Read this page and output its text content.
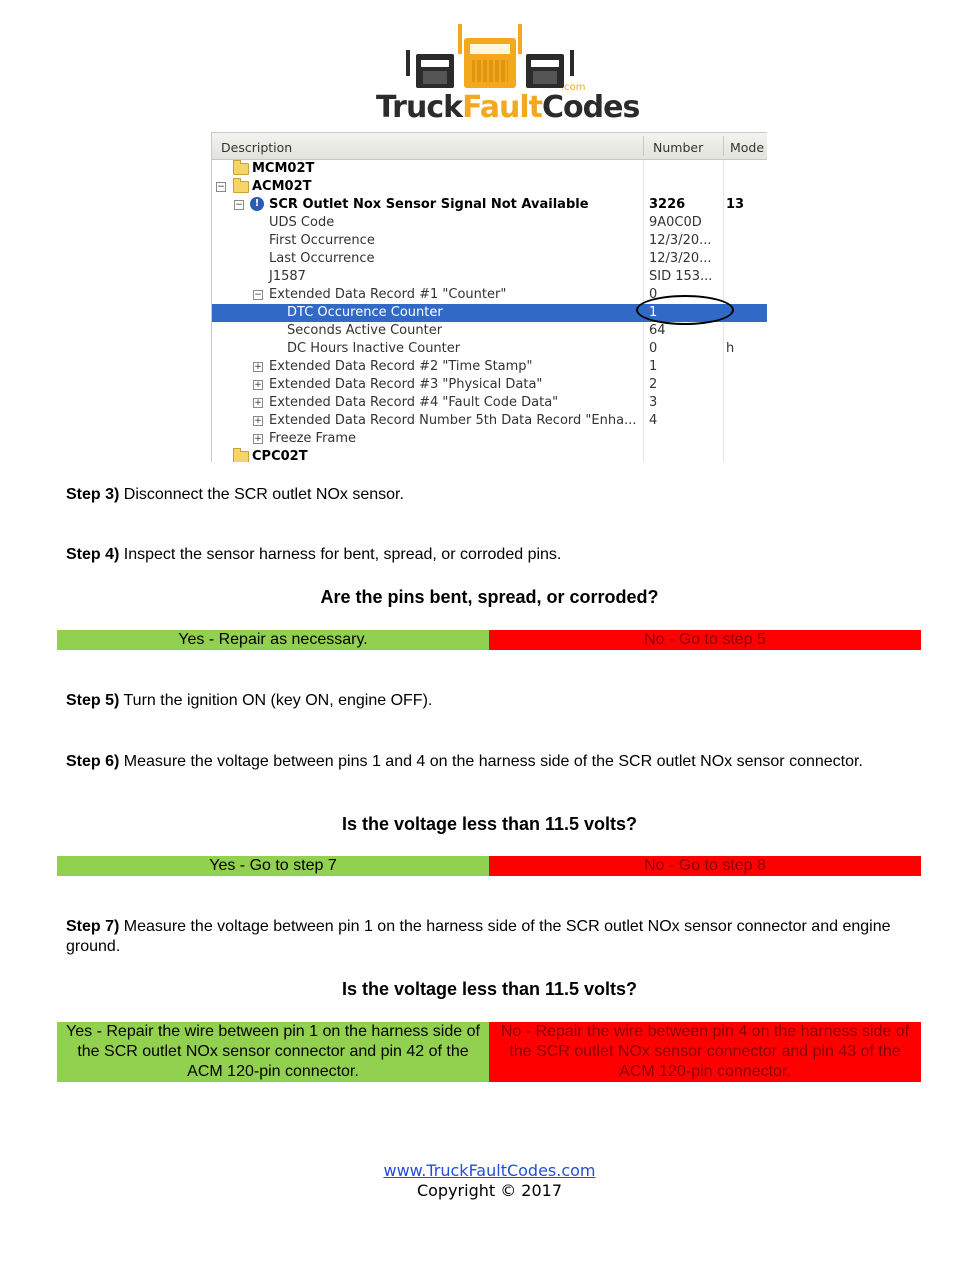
.com
TruckFaultCodes
Description	Number Mode
MCM02T
− ACM02T
−	! SCR Outlet Nox Sensor Signal Not Available	3226	13
UDS Code	9A0C0D
First Occurrence	12/3/20...
Last Occurrence	12/3/20...
J1587	SID 153...
− Extended Data Record #1 "Counter"	0
DTC Occurence Counter	1
Seconds Active Counter	64
DC Hours Inactive Counter	0	h
+ Extended Data Record #2 "Time Stamp"	1
+ Extended Data Record #3 "Physical Data"	2
+ Extended Data Record #4 "Fault Code Data"	3
+ Extended Data Record Number 5th Data Record "Enha... 4
+ Freeze Frame
CPC02T
Step 3) Disconnect the SCR outlet NOx sensor.
Step 4) Inspect the sensor harness for bent, spread, or corroded pins.
Are the pins bent, spread, or corroded?
Yes - Repair as necessary.	No - Go to step 5
Step 5) Turn the ignition ON (key ON, engine OFF).
Step 6) Measure the voltage between pins 1 and 4 on the harness side of the SCR outlet NOx sensor connector.
Is the voltage less than 11.5 volts?
Yes - Go to step 7	No - Go to step 8
Step 7) Measure the voltage between pin 1 on the harness side of the SCR outlet NOx sensor connector and engine ground.
Is the voltage less than 11.5 volts?
Yes - Repair the wire between pin 1 on the harness side of the SCR outlet NOx sensor connector and pin 42 of the ACM 120-pin connector.
No - Repair the wire between pin 4 on the harness side of the SCR outlet NOx sensor connector and pin 43 of the ACM 120-pin connector.
www.TruckFaultCodes.com
Copyright © 2017
